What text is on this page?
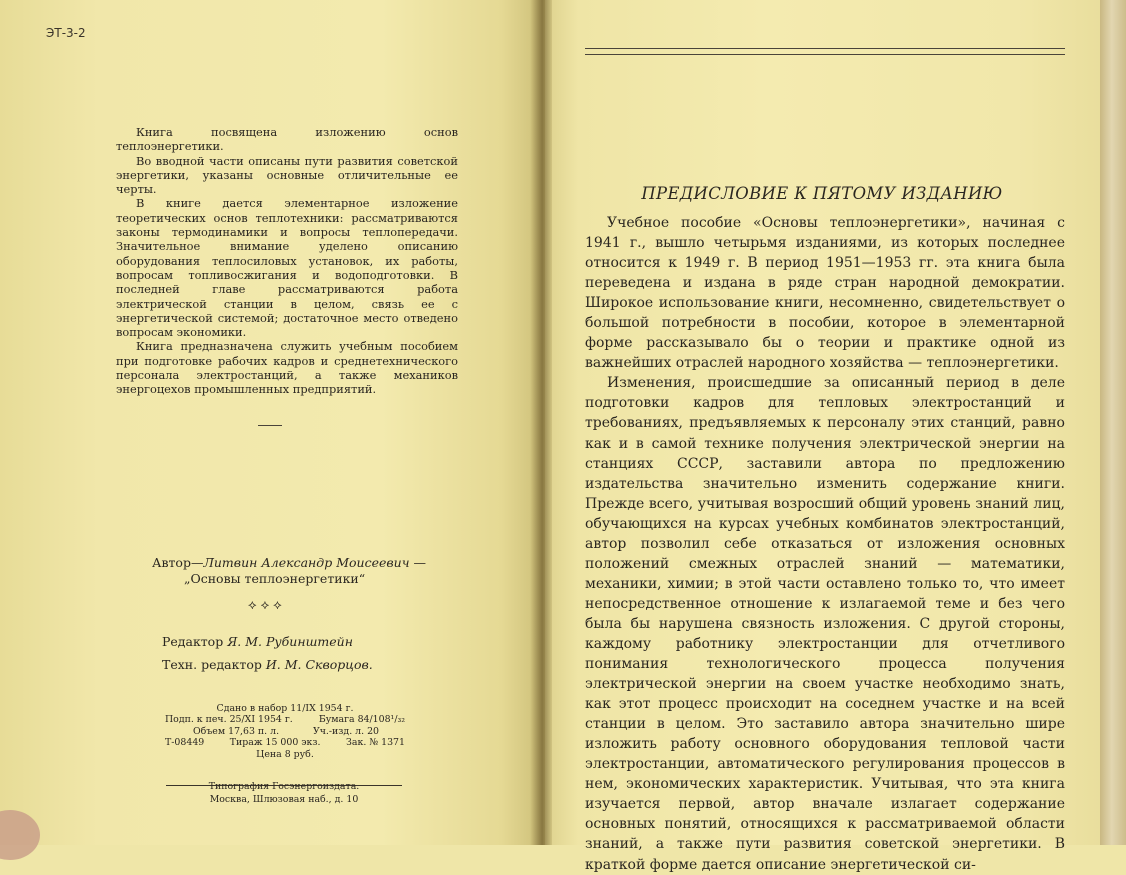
ЭТ-3-2

Книга посвящена изложению основ теплоэнергетики.

Во вводной части описаны пути развития советской энергетики, указаны основные отличительные ее черты.

В книге дается элементарное изложение теоретических основ теплотехники: рассматриваются законы термодинамики и вопросы теплопередачи. Значительное внимание уделено описанию оборудования теплосиловых установок, их работы, вопросам топливосжигания и водоподготовки. В последней главе рассматриваются работа электрической станции в целом, связь ее с энергетической системой; достаточное место отведено вопросам экономики.

Книга предназначена служить учебным пособием при подготовке рабочих кадров и среднетехнического персонала электростанций, а также механиков энергоцехов промышленных предприятий.

Автор—Литвин Александр Моисеевич —
„Основы теплоэнергетики“
⟡⟡⟡
Редактор Я. М. Рубинштейн
Техн. редактор И. М. Скворцов.
Сдано в набор 11/IX 1954 г.
Подп. к печ. 25/XI 1954 г.	Бумага 84/108¹/₃₂
Объем 17,63 п. л.	Уч.-изд. л. 20
Т-08449	Тираж 15 000 экз.	Зак. № 1371
Цена 8 руб.
Типография Госэнергоиздата.
Москва, Шлюзовая наб., д. 10
ПРЕДИСЛОВИЕ К ПЯТОМУ ИЗДАНИЮ

Учебное пособие «Основы теплоэнергетики», начиная с 1941 г., вышло четырьмя изданиями, из которых последнее относится к 1949 г. В период 1951—1953 гг. эта книга была переведена и издана в ряде стран народной демократии. Широкое использование книги, несомненно, свидетельствует о большой потребности в пособии, которое в элементарной форме рассказывало бы о теории и практике одной из важнейших отраслей народного хозяйства — теплоэнергетики.

Изменения, происшедшие за описанный период в деле подготовки кадров для тепловых электростанций и требованиях, предъявляемых к персоналу этих станций, равно как и в самой технике получения электрической энергии на станциях СССР, заставили автора по предложению издательства значительно изменить содержание книги. Прежде всего, учитывая возросший общий уровень знаний лиц, обучающихся на курсах учебных комбинатов электростанций, автор позволил себе отказаться от изложения основных положений смежных отраслей знаний — математики, механики, химии; в этой части оставлено только то, что имеет непосредственное отношение к излагаемой теме и без чего была бы нарушена связность изложения. С другой стороны, каждому работнику электростанции для отчетливого понимания технологического процесса получения электрической энергии на своем участке необходимо знать, как этот процесс происходит на соседнем участке и на всей станции в целом. Это заставило автора значительно шире изложить работу основного оборудования тепловой части электростанции, автоматического регулирования процессов в нем, экономических характеристик. Учитывая, что эта книга изучается первой, автор вначале излагает содержание основных понятий, относящихся к рассматриваемой области знаний, а также пути развития советской энергетики. В краткой форме дается описание энергетической си-
